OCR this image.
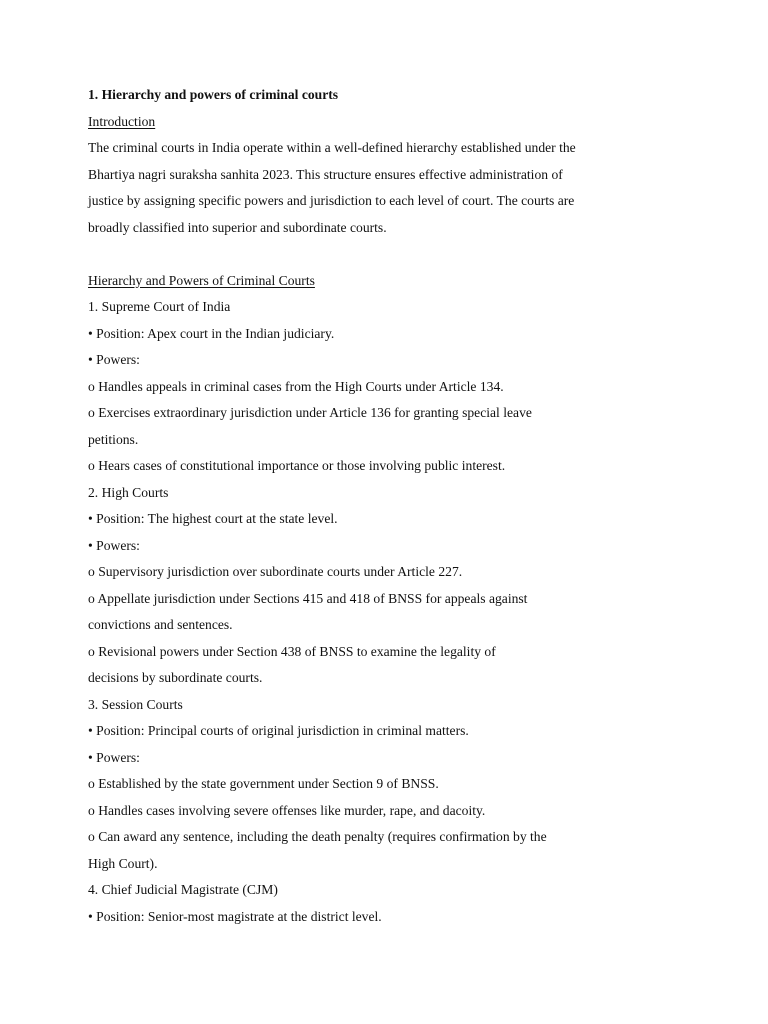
1. Hierarchy and powers of criminal courts

Introduction

The criminal courts in India operate within a well-defined hierarchy established under the

Bhartiya nagri suraksha sanhita 2023. This structure ensures effective administration of

justice by assigning specific powers and jurisdiction to each level of court. The courts are

broadly classified into superior and subordinate courts.

Hierarchy and Powers of Criminal Courts

1. Supreme Court of India

• Position: Apex court in the Indian judiciary.

• Powers:

o Handles appeals in criminal cases from the High Courts under Article 134.

o Exercises extraordinary jurisdiction under Article 136 for granting special leave

petitions.

o Hears cases of constitutional importance or those involving public interest.

2. High Courts

• Position: The highest court at the state level.

• Powers:

o Supervisory jurisdiction over subordinate courts under Article 227.

o Appellate jurisdiction under Sections 415 and 418 of BNSS for appeals against

convictions and sentences.

o Revisional powers under Section 438 of BNSS to examine the legality of

decisions by subordinate courts.

3. Session Courts

• Position: Principal courts of original jurisdiction in criminal matters.

• Powers:

o Established by the state government under Section 9 of BNSS.

o Handles cases involving severe offenses like murder, rape, and dacoity.

o Can award any sentence, including the death penalty (requires confirmation by the

High Court).

4. Chief Judicial Magistrate (CJM)

• Position: Senior-most magistrate at the district level.
